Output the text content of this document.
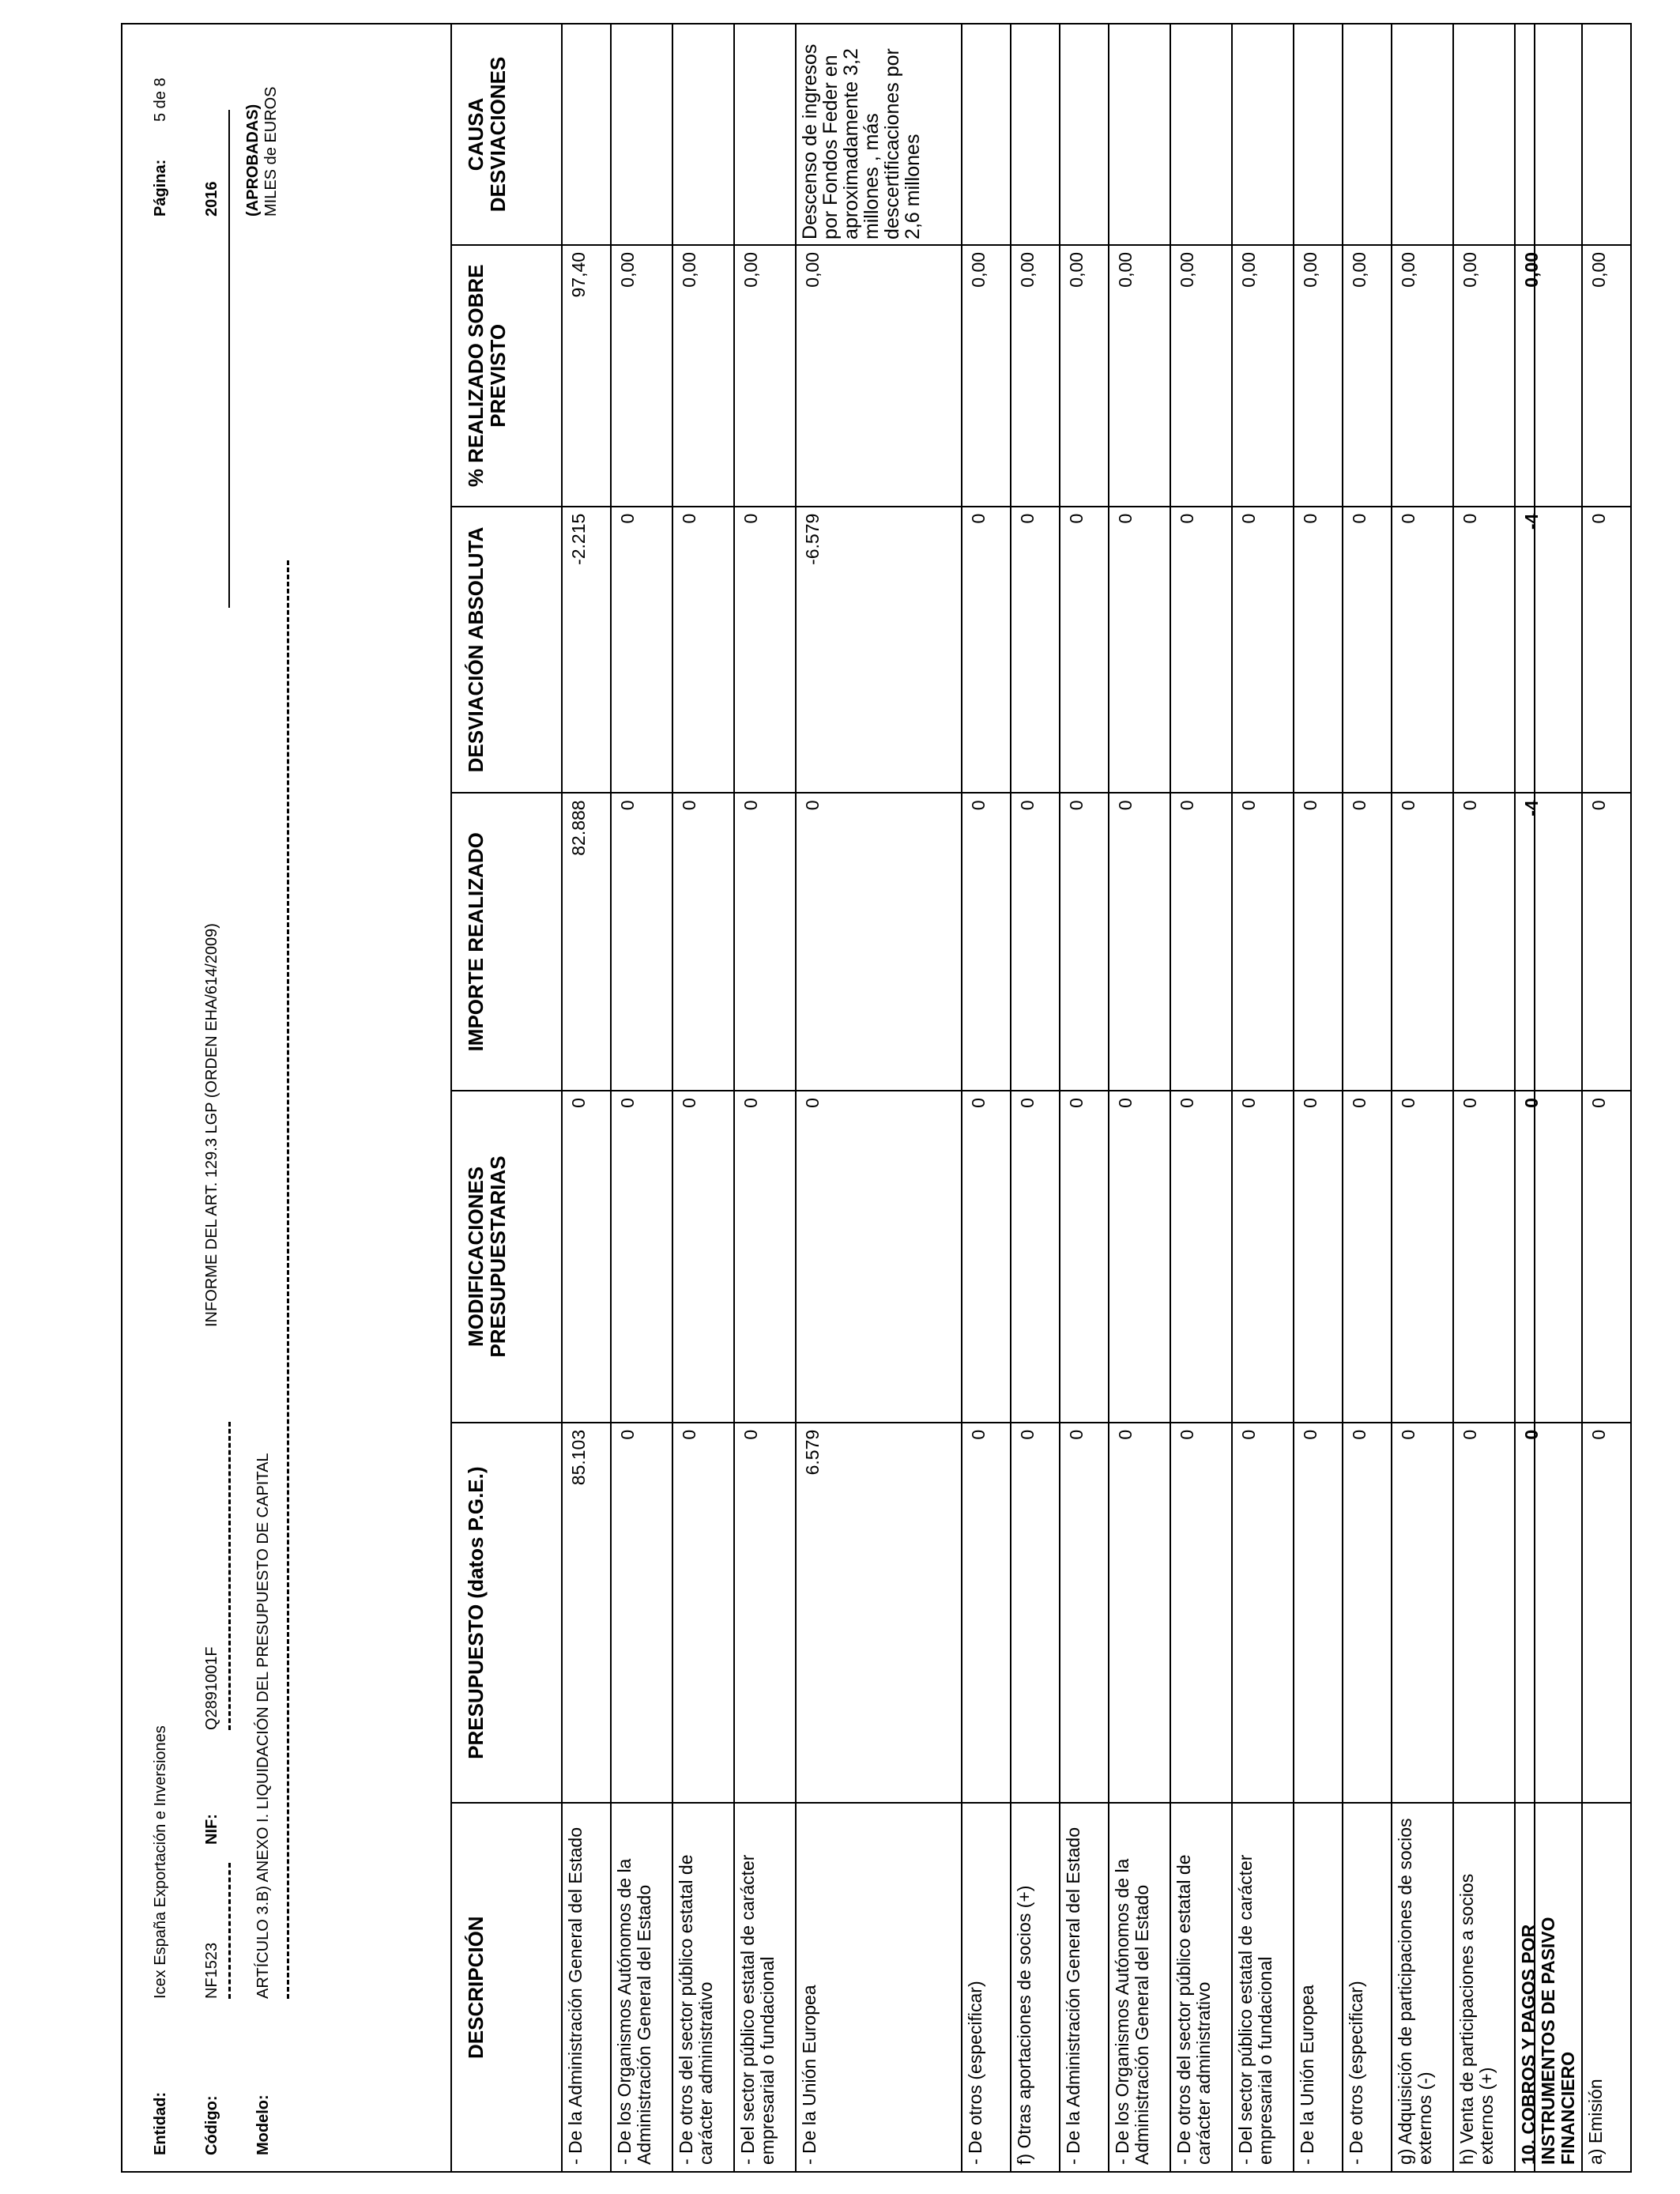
Entidad:
Icex España Exportación e Inversiones
Página:
5 de 8
Código:
NF1523
NIF:
Q2891001F
INFORME DEL ART. 129.3 LGP (ORDEN EHA/614/2009)
2016
Modelo:
ARTÍCULO 3.B) ANEXO I. LIQUIDACIÓN DEL PRESUPUESTO DE CAPITAL
(APROBADAS) MILES de EUROS
DESCRIPCIÓN	PRESUPUESTO (datos P.G.E.)	MODIFICACIONES PRESUPUESTARIAS	IMPORTE REALIZADO	DESVIACIÓN ABSOLUTA	% REALIZADO SOBRE PREVISTO	CAUSA DESVIACIONES
- De la Administración General del Estado	85.103	0	82.888	-2.215	97,40	
- De los Organismos Autónomos de la Administración General del Estado	0	0	0	0	0,00	
- De otros del sector público estatal de carácter administrativo	0	0	0	0	0,00	
- Del sector público estatal de carácter empresarial o fundacional	0	0	0	0	0,00	
- De la Unión Europea	6.579	0	0	-6.579	0,00	Descenso de ingresos por Fondos Feder en aproximadamente 3,2 millones , más descertificaciones por 2,6 millones
- De otros (especificar)	0	0	0	0	0,00	
f) Otras aportaciones de socios (+)	0	0	0	0	0,00	
- De la Administración General del Estado	0	0	0	0	0,00	
- De los Organismos Autónomos de la Administración General del Estado	0	0	0	0	0,00	
- De otros del sector público estatal de carácter administrativo	0	0	0	0	0,00	
- Del sector público estatal de carácter empresarial o fundacional	0	0	0	0	0,00	
- De la Unión Europea	0	0	0	0	0,00	
- De otros (especificar)	0	0	0	0	0,00	
g) Adquisición de participaciones de socios externos (-)	0	0	0	0	0,00	
h) Venta de participaciones a socios externos (+)	0	0	0	0	0,00	
10. COBROS Y PAGOS POR INSTRUMENTOS DE PASIVO FINANCIERO	0	0	-4	-4	0,00	
a) Emisión	0	0	0	0	0,00	
